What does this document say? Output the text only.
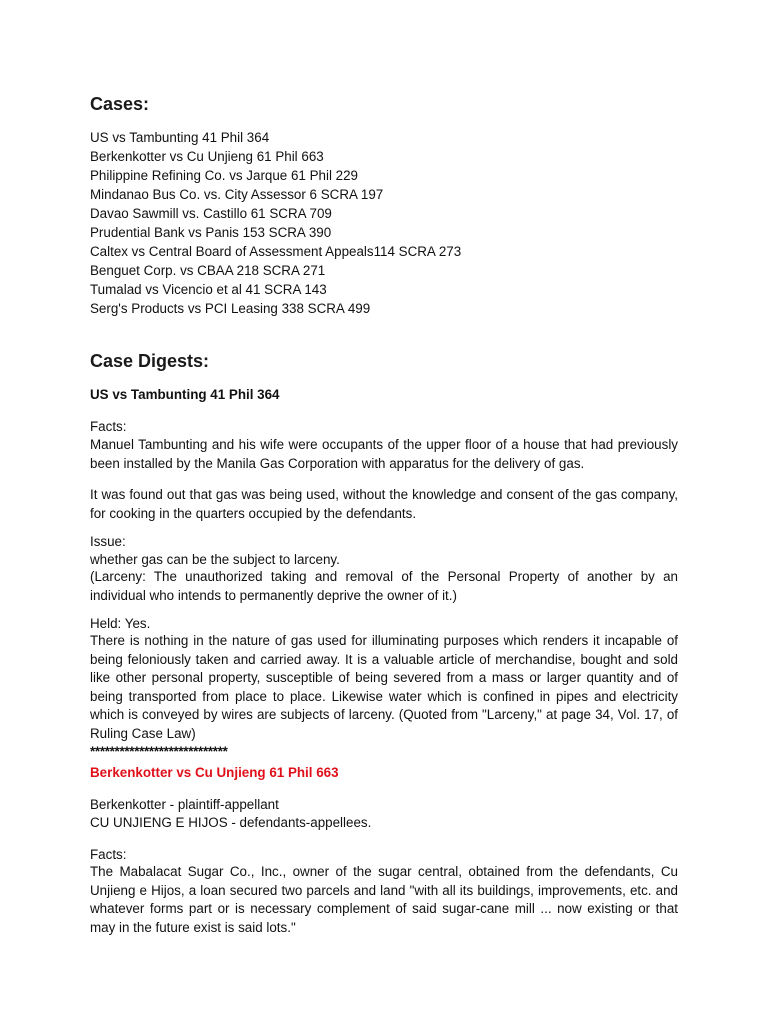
Cases:
US vs Tambunting 41 Phil 364
Berkenkotter vs Cu Unjieng 61 Phil 663
Philippine Refining Co. vs Jarque 61 Phil 229
Mindanao Bus Co. vs. City Assessor 6 SCRA 197
Davao Sawmill vs. Castillo 61 SCRA 709
Prudential Bank vs Panis 153 SCRA 390
Caltex vs Central Board of Assessment Appeals114 SCRA 273
Benguet Corp. vs CBAA 218 SCRA 271
Tumalad vs Vicencio et al 41 SCRA 143
Serg's Products vs PCI Leasing 338 SCRA 499
Case Digests:
US vs Tambunting 41 Phil 364
Facts:
Manuel Tambunting and his wife were occupants of the upper floor of a house that had previously been installed by the Manila Gas Corporation with apparatus for the delivery of gas.
It was found out that gas was being used, without the knowledge and consent of the gas company, for cooking in the quarters occupied by the defendants.
Issue:
whether gas can be the subject to larceny.
(Larceny: The unauthorized taking and removal of the Personal Property of another by an individual who intends to permanently deprive the owner of it.)
Held: Yes.
There is nothing in the nature of gas used for illuminating purposes which renders it incapable of being feloniously taken and carried away. It is a valuable article of merchandise, bought and sold like other personal property, susceptible of being severed from a mass or larger quantity and of being transported from place to place. Likewise water which is confined in pipes and electricity which is conveyed by wires are subjects of larceny. (Quoted from "Larceny," at page 34, Vol. 17, of Ruling Case Law)
****************************
Berkenkotter vs Cu Unjieng 61 Phil 663
Berkenkotter - plaintiff-appellant
CU UNJIENG E HIJOS - defendants-appellees.
Facts:
The Mabalacat Sugar Co., Inc., owner of the sugar central, obtained from the defendants, Cu Unjieng e Hijos, a loan secured two parcels and land "with all its buildings, improvements, etc. and whatever forms part or is necessary complement of said sugar-cane mill ... now existing or that may in the future exist is said lots."
